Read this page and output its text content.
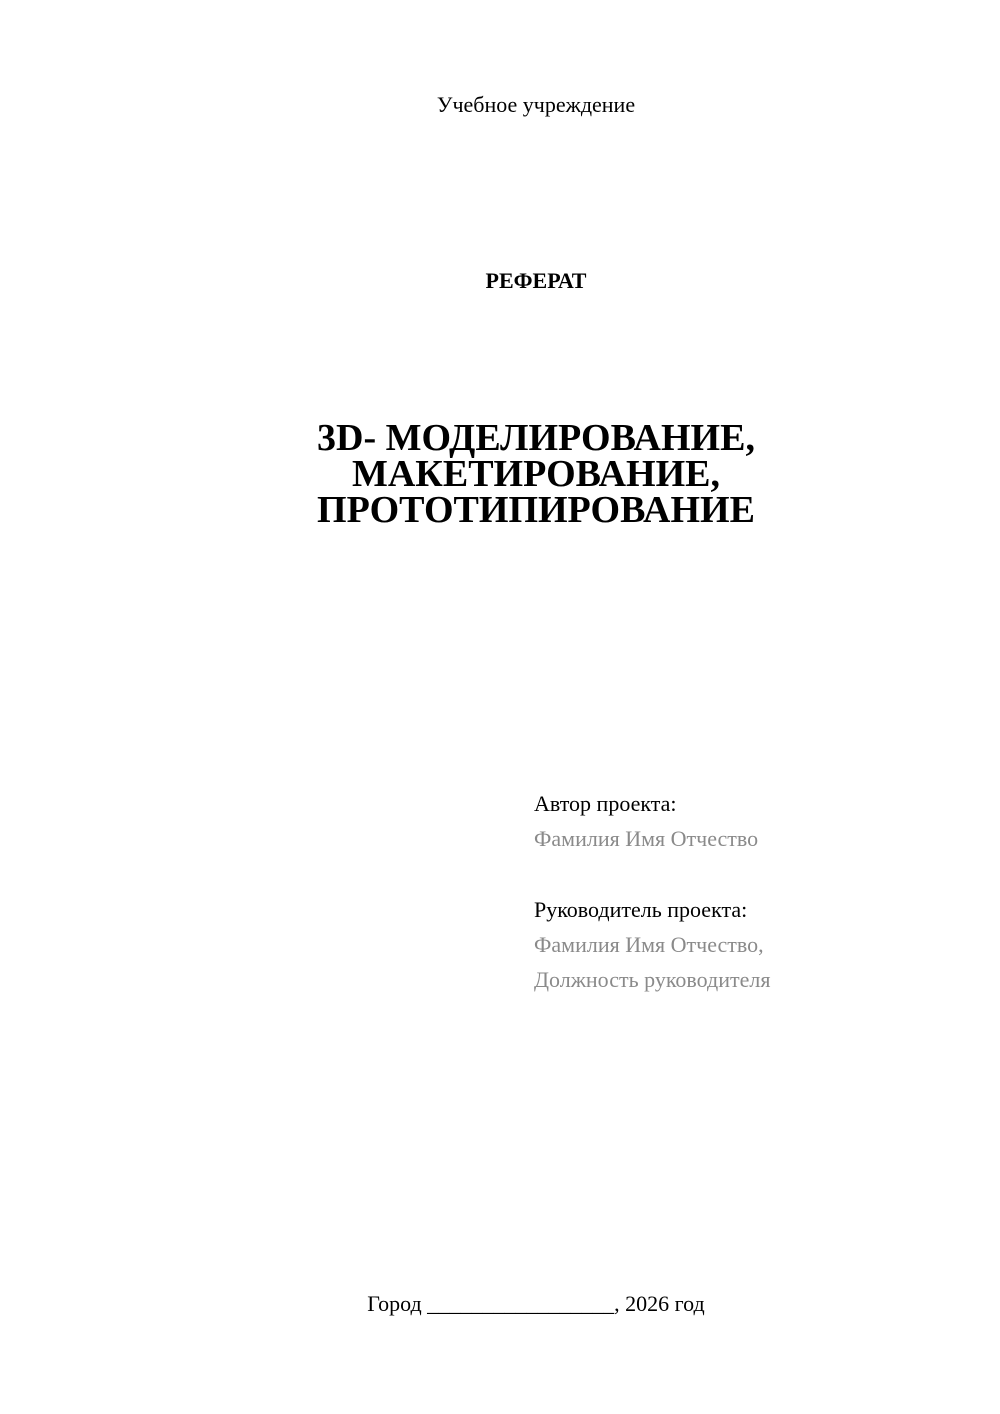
Учебное учреждение
РЕФЕРАТ
3D- МОДЕЛИРОВАНИЕ,
МАКЕТИРОВАНИЕ,
ПРОТОТИПИРОВАНИЕ
Автор проекта:
Фамилия Имя Отчество
Руководитель проекта:
Фамилия Имя Отчество,
Должность руководителя
Город _________________, 2026 год
